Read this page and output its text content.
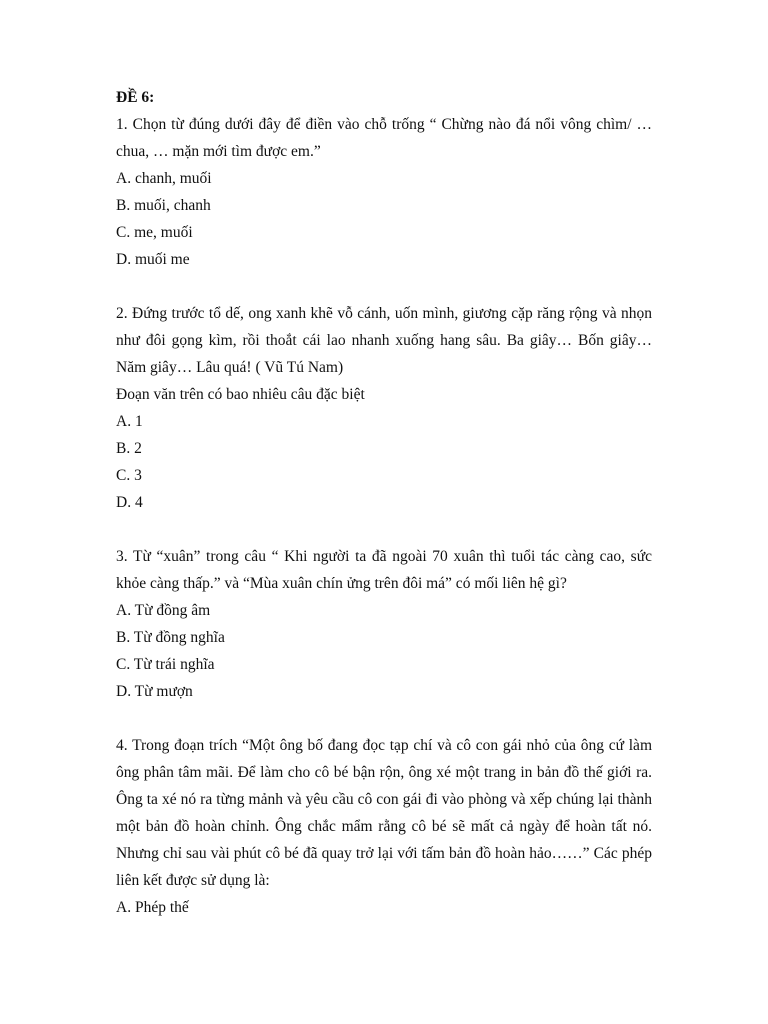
ĐỀ 6:

1. Chọn từ đúng dưới đây để điền vào chỗ trống “ Chừng nào đá nổi vông chìm/ … chua, … mặn mới tìm được em.”

A. chanh, muối

B. muối, chanh

C. me, muối

D. muối me

2. Đứng trước tổ dế, ong xanh khẽ vỗ cánh, uốn mình, giương cặp răng rộng và nhọn như đôi gọng kìm, rồi thoắt cái lao nhanh xuống hang sâu. Ba giây… Bốn giây… Năm giây… Lâu quá! ( Vũ Tú Nam)

Đoạn văn trên có bao nhiêu câu đặc biệt

A. 1

B. 2

C. 3

D. 4

3. Từ “xuân” trong câu “ Khi người ta đã ngoài 70 xuân thì tuổi tác càng cao, sức khỏe càng thấp.” và “Mùa xuân chín ửng trên đôi má” có mối liên hệ gì?

A. Từ đồng âm

B. Từ đồng nghĩa

C. Từ trái nghĩa

D. Từ mượn

4. Trong đoạn trích “Một ông bố đang đọc tạp chí và cô con gái nhỏ của ông cứ làm ông phân tâm mãi. Để làm cho cô bé bận rộn, ông xé một trang in bản đồ thế giới ra. Ông ta xé nó ra từng mảnh và yêu cầu cô con gái đi vào phòng và xếp chúng lại thành một bản đồ hoàn chỉnh. Ông chắc mẩm rằng cô bé sẽ mất cả ngày để hoàn tất nó. Nhưng chỉ sau vài phút cô bé đã quay trở lại với tấm bản đồ hoàn hảo……” Các phép liên kết được sử dụng là:

A. Phép thế
